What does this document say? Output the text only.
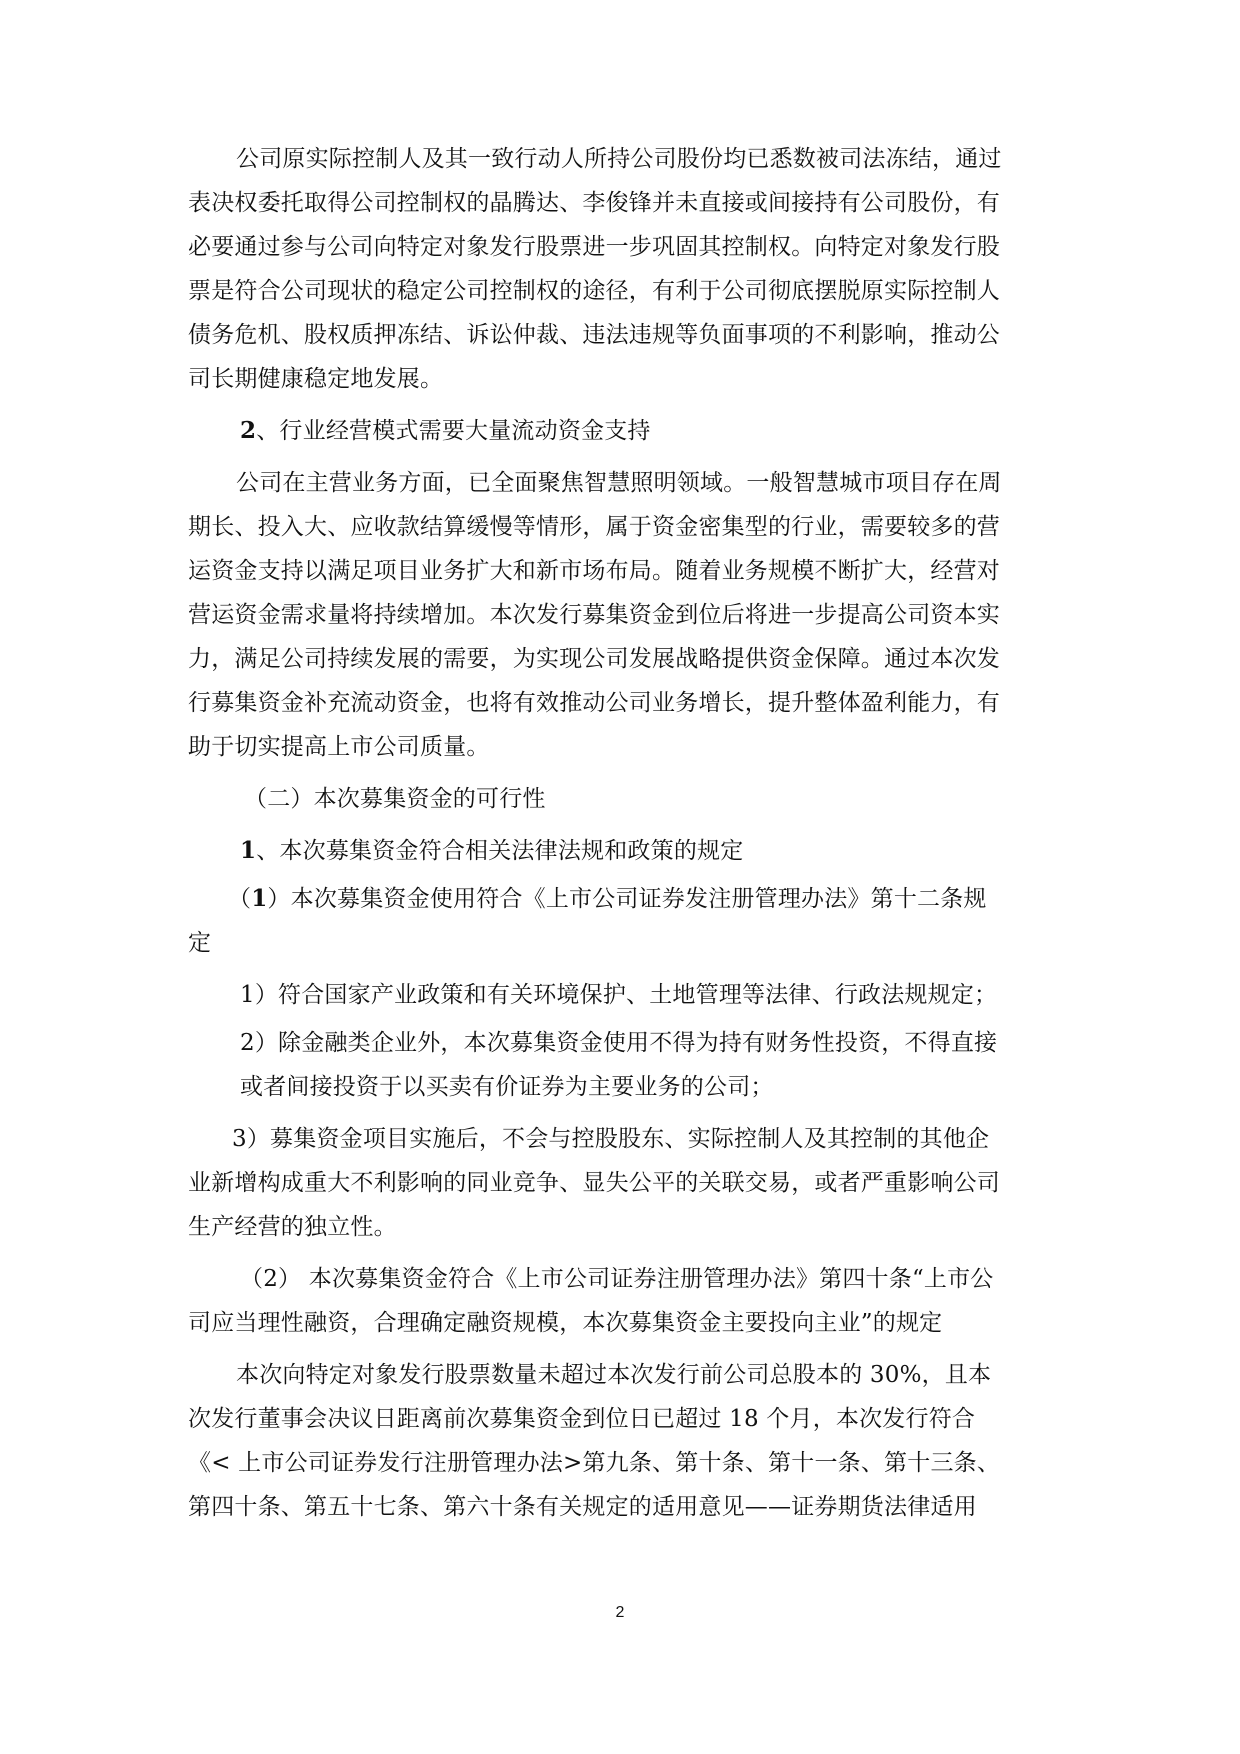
公司原实际控制人及其一致行动人所持公司股份均已悉数被司法冻结，通过
表决权委托取得公司控制权的晶腾达、李俊锋并未直接或间接持有公司股份，有
必要通过参与公司向特定对象发行股票进一步巩固其控制权。向特定对象发行股
票是符合公司现状的稳定公司控制权的途径，有利于公司彻底摆脱原实际控制人
债务危机、股权质押冻结、诉讼仲裁、违法违规等负面事项的不利影响，推动公
司长期健康稳定地发展。
2、行业经营模式需要大量流动资金支持
公司在主营业务方面，已全面聚焦智慧照明领域。一般智慧城市项目存在周
期长、投入大、应收款结算缓慢等情形，属于资金密集型的行业，需要较多的营
运资金支持以满足项目业务扩大和新市场布局。随着业务规模不断扩大，经营对
营运资金需求量将持续增加。本次发行募集资金到位后将进一步提高公司资本实
力，满足公司持续发展的需要，为实现公司发展战略提供资金保障。通过本次发
行募集资金补充流动资金，也将有效推动公司业务增长，提升整体盈利能力，有
助于切实提高上市公司质量。
（二）本次募集资金的可行性
1、本次募集资金符合相关法律法规和政策的规定
（1）本次募集资金使用符合《上市公司证券发注册管理办法》第十二条规
定
1）符合国家产业政策和有关环境保护、土地管理等法律、行政法规规定；
2）除金融类企业外，本次募集资金使用不得为持有财务性投资，不得直接
或者间接投资于以买卖有价证券为主要业务的公司；
3）募集资金项目实施后，不会与控股股东、实际控制人及其控制的其他企
业新增构成重大不利影响的同业竞争、显失公平的关联交易，或者严重影响公司
生产经营的独立性。
（2） 本次募集资金符合《上市公司证券注册管理办法》第四十条“上市公
司应当理性融资，合理确定融资规模，本次募集资金主要投向主业”的规定
本次向特定对象发行股票数量未超过本次发行前公司总股本的 30%，且本
次发行董事会决议日距离前次募集资金到位日已超过 18 个月，本次发行符合
《< 上市公司证券发行注册管理办法>第九条、第十条、第十一条、第十三条、
第四十条、第五十七条、第六十条有关规定的适用意见——证券期货法律适用
2
